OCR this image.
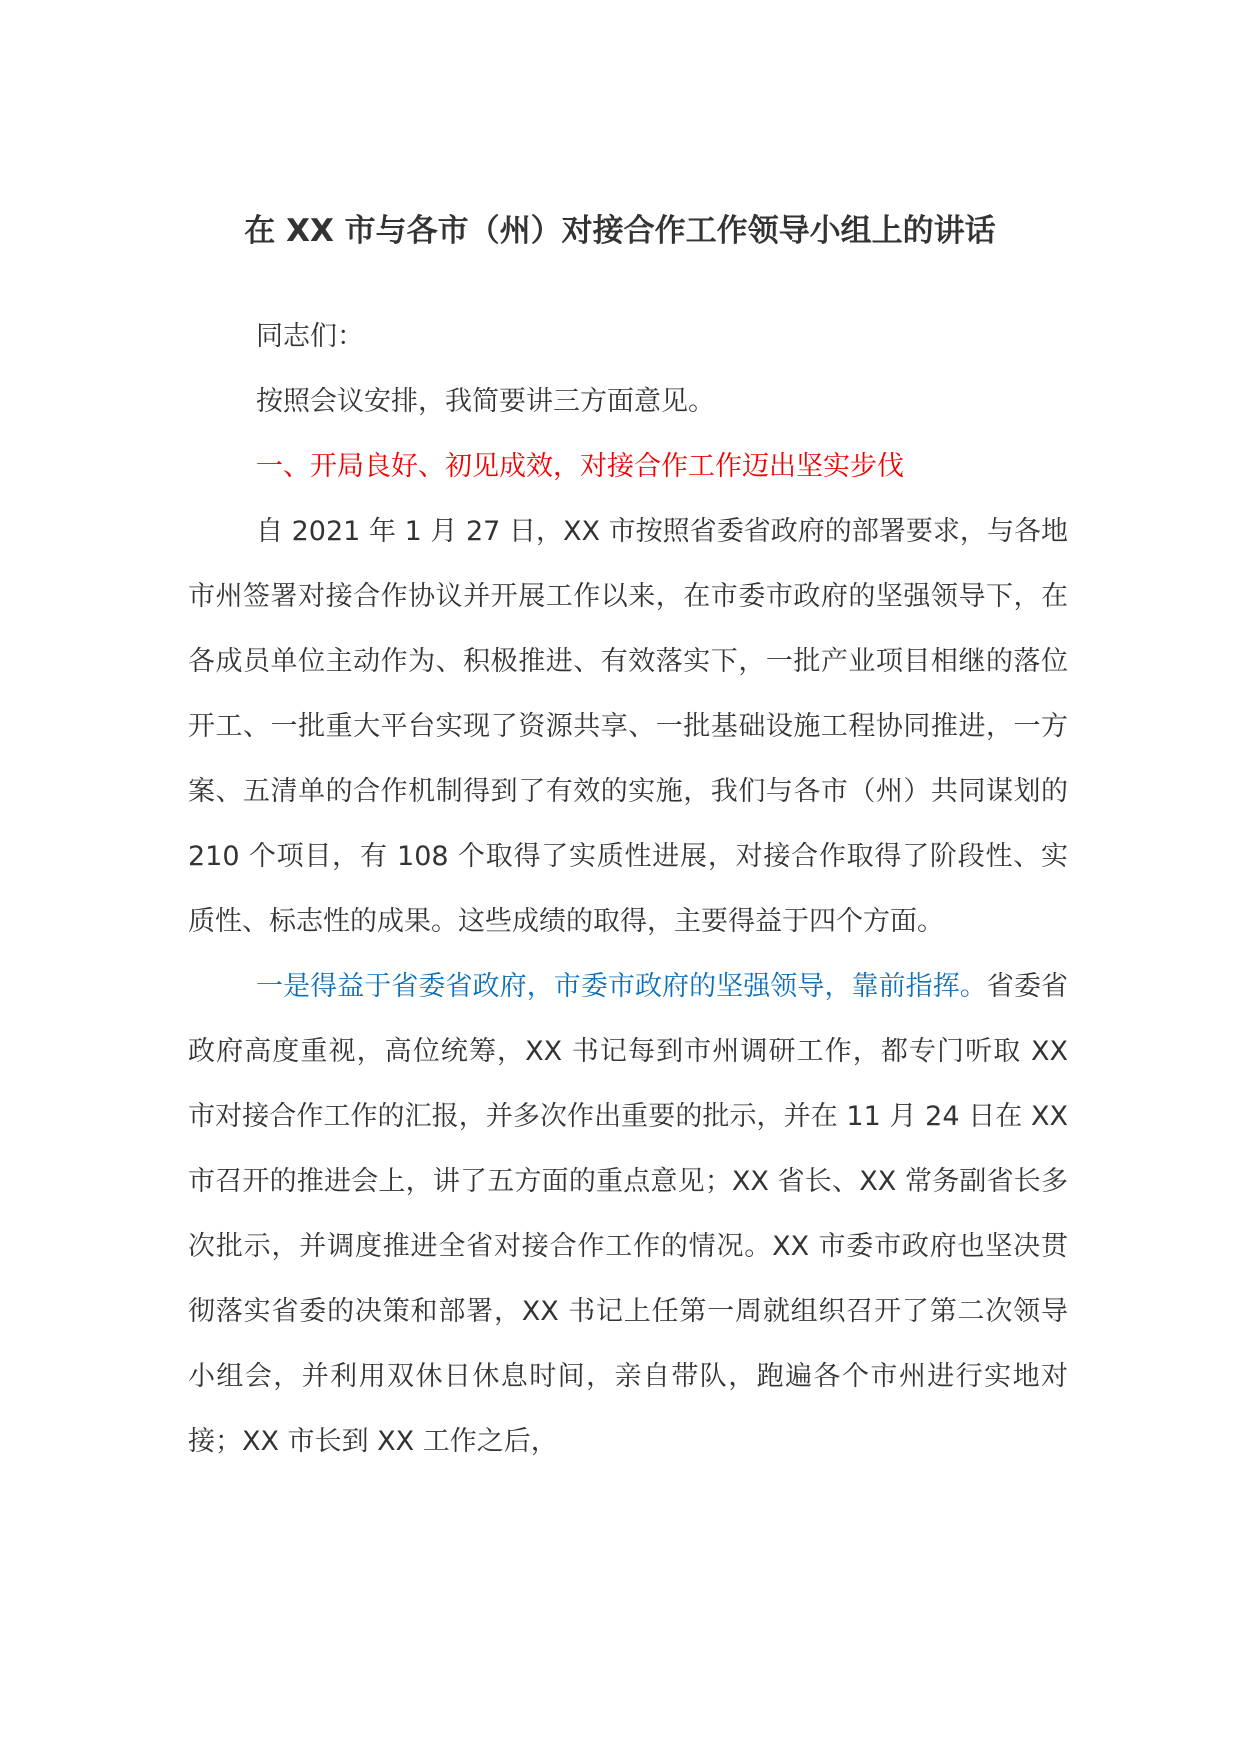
在 XX 市与各市（州）对接合作工作领导小组上的讲话

同志们：

按照会议安排，我简要讲三方面意见。

一、开局良好、初见成效，对接合作工作迈出坚实步伐

自 2021 年 1 月 27 日，XX 市按照省委省政府的部署要求，与各地市州签署对接合作协议并开展工作以来，在市委市政府的坚强领导下，在各成员单位主动作为、积极推进、有效落实下，一批产业项目相继的落位开工、一批重大平台实现了资源共享、一批基础设施工程协同推进，一方案、五清单的合作机制得到了有效的实施，我们与各市（州）共同谋划的 210 个项目，有 108 个取得了实质性进展，对接合作取得了阶段性、实质性、标志性的成果。这些成绩的取得，主要得益于四个方面。

一是得益于省委省政府，市委市政府的坚强领导，靠前指挥。省委省政府高度重视，高位统筹，XX 书记每到市州调研工作，都专门听取 XX 市对接合作工作的汇报，并多次作出重要的批示，并在 11 月 24 日在 XX 市召开的推进会上，讲了五方面的重点意见；XX 省长、XX 常务副省长多次批示，并调度推进全省对接合作工作的情况。XX 市委市政府也坚决贯彻落实省委的决策和部署，XX 书记上任第一周就组织召开了第二次领导小组会，并利用双休日休息时间，亲自带队，跑遍各个市州进行实地对接；XX 市长到 XX 工作之后，
